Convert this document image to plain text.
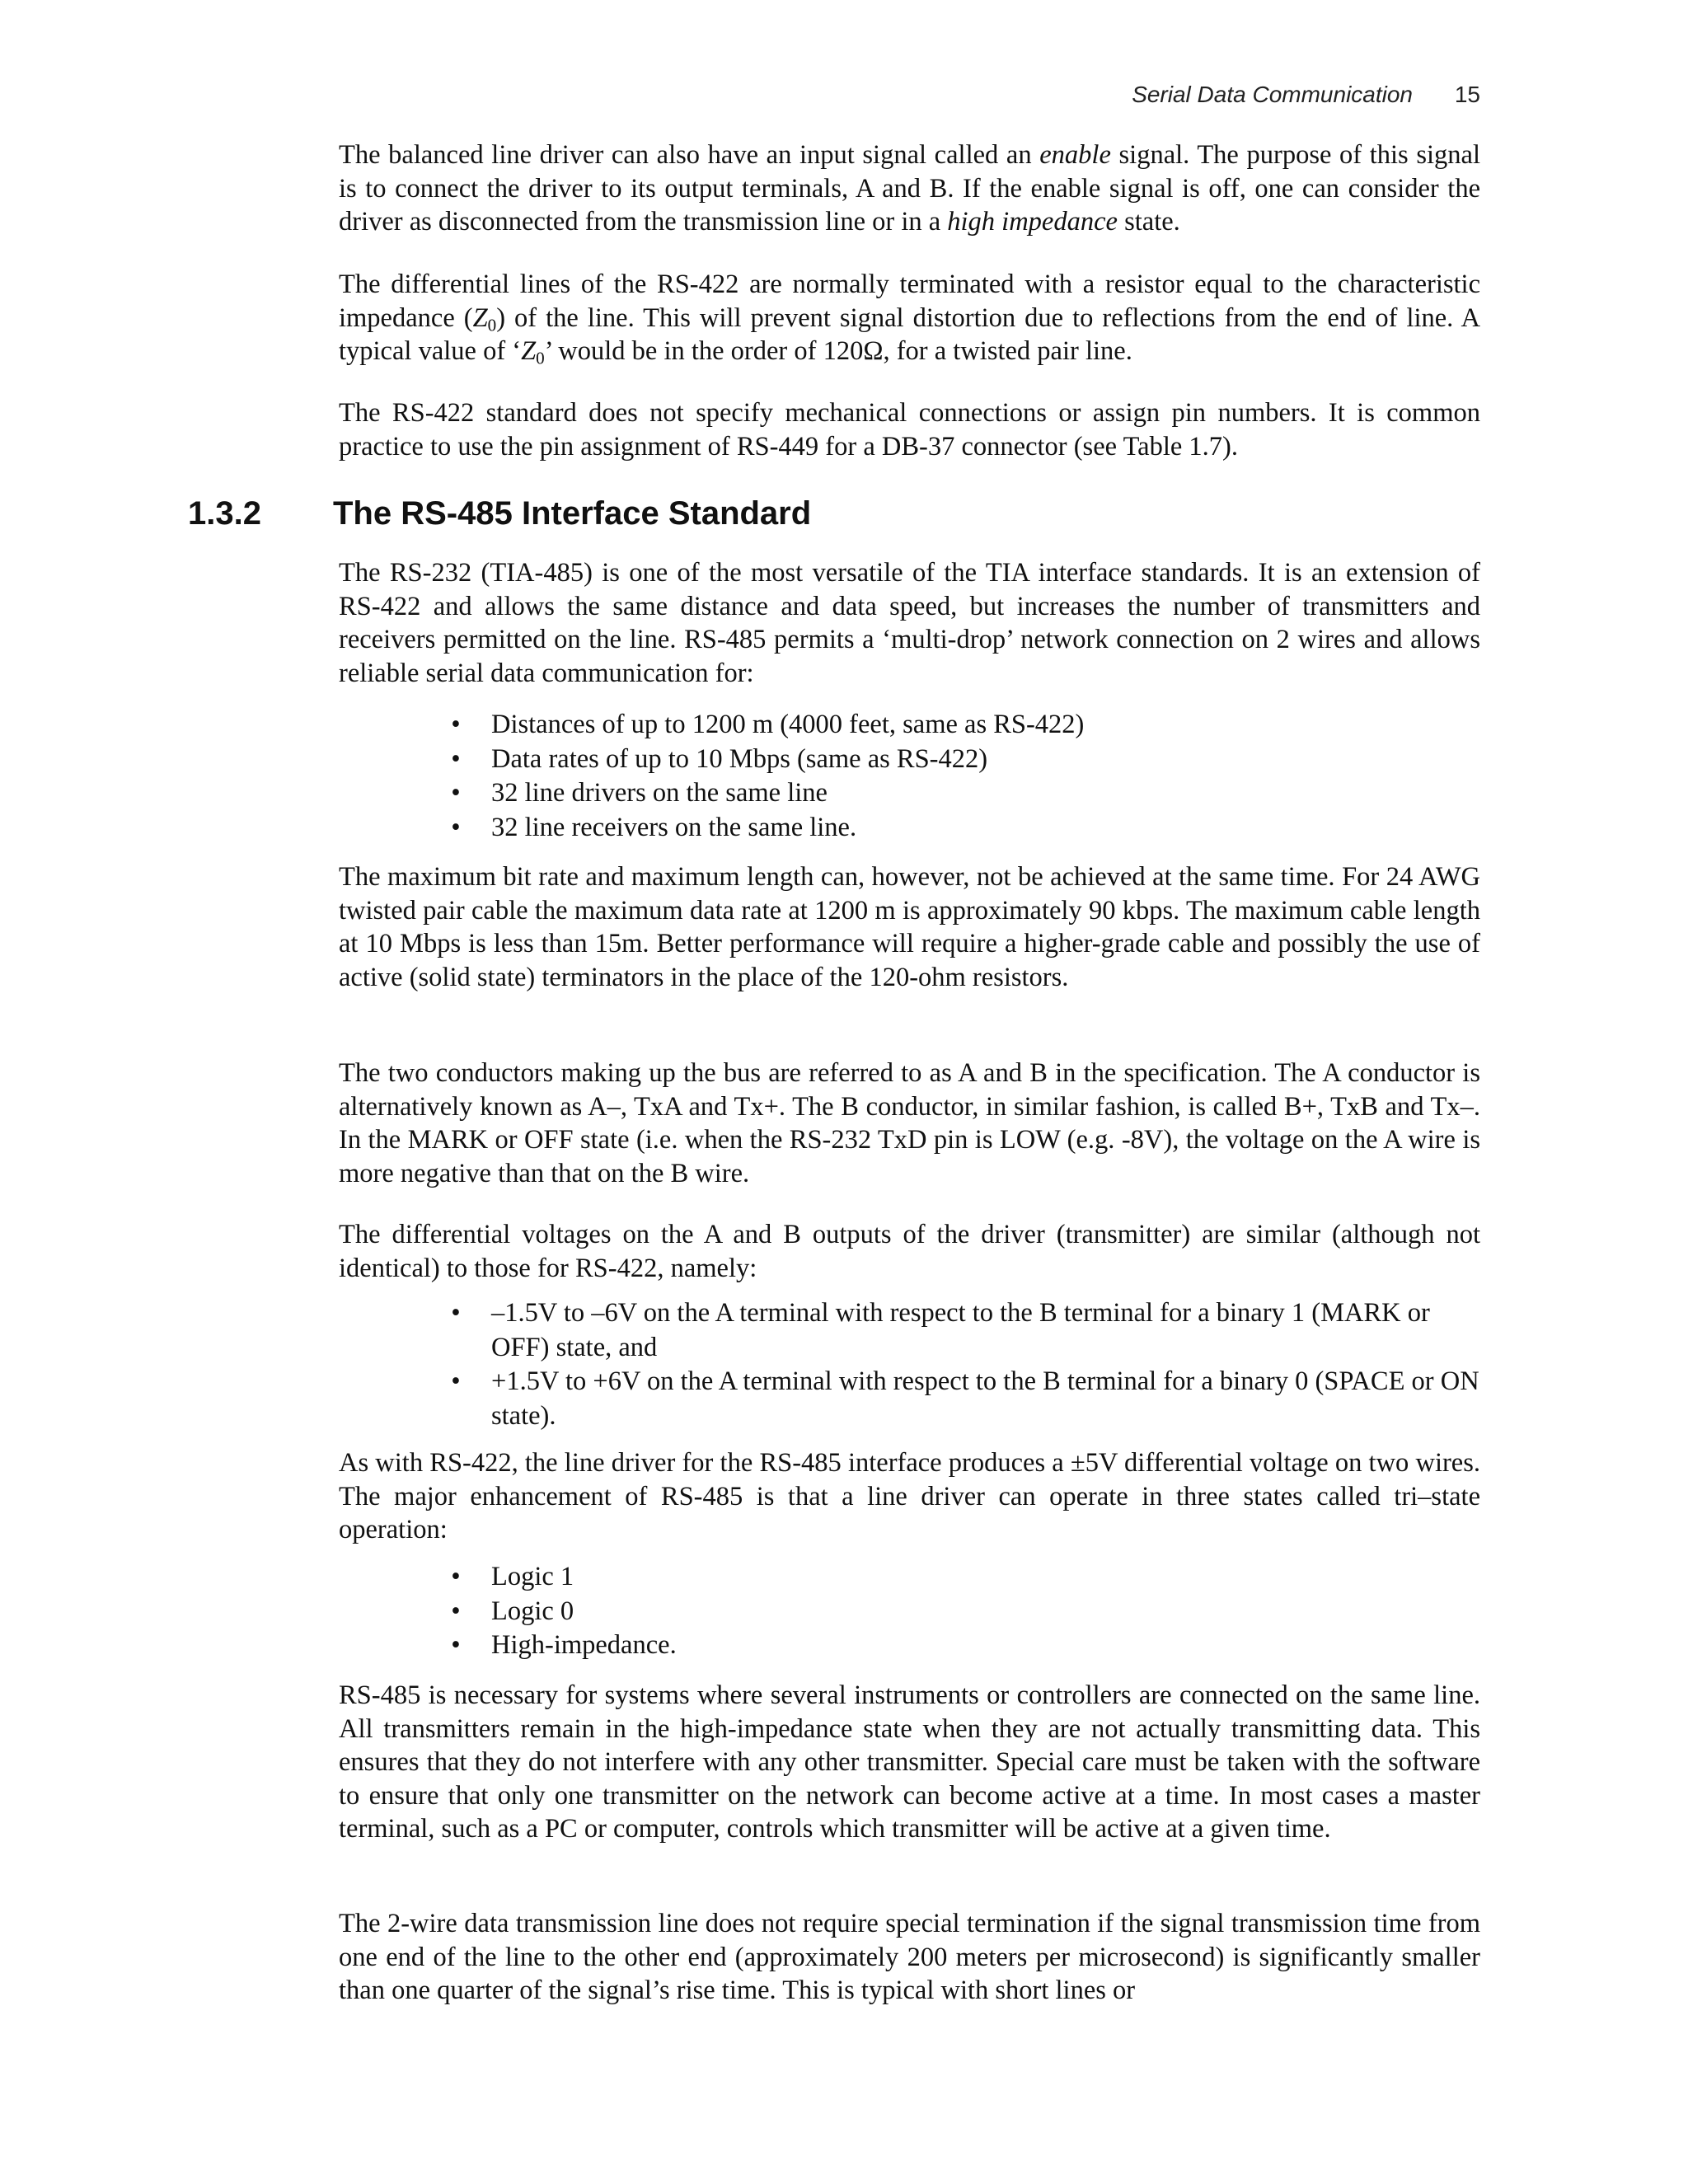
Serial Data Communication 15

The balanced line driver can also have an input signal called an enable signal. The purpose of this signal is to connect the driver to its output terminals, A and B. If the enable signal is off, one can consider the driver as disconnected from the transmission line or in a high impedance state.

The differential lines of the RS-422 are normally terminated with a resistor equal to the characteristic impedance $(Z_0)$ of the line. This will prevent signal distortion due to reflections from the end of line. A typical value of ‘$Z_0$’ would be in the order of 120Ω, for a twisted pair line.

The RS-422 standard does not specify mechanical connections or assign pin numbers. It is common practice to use the pin assignment of RS-449 for a DB-37 connector (see Table 1.7).

1.3.2 The RS-485 Interface Standard

The RS-232 (TIA-485) is one of the most versatile of the TIA interface standards. It is an extension of RS-422 and allows the same distance and data speed, but increases the number of transmitters and receivers permitted on the line. RS-485 permits a ‘multi-drop’ network connection on 2 wires and allows reliable serial data communication for:

• Distances of up to 1200 m (4000 feet, same as RS-422)
• Data rates of up to 10 Mbps (same as RS-422)
• 32 line drivers on the same line
• 32 line receivers on the same line.

The maximum bit rate and maximum length can, however, not be achieved at the same time. For 24 AWG twisted pair cable the maximum data rate at 1200 m is approximately 90 kbps. The maximum cable length at 10 Mbps is less than 15m. Better performance will require a higher-grade cable and possibly the use of active (solid state) terminators in the place of the 120-ohm resistors.

The two conductors making up the bus are referred to as A and B in the specification. The A conductor is alternatively known as A–, TxA and Tx+. The B conductor, in similar fashion, is called B+, TxB and Tx–. In the MARK or OFF state (i.e. when the RS-232 TxD pin is LOW (e.g. -8V), the voltage on the A wire is more negative than that on the B wire.

The differential voltages on the A and B outputs of the driver (transmitter) are similar (although not identical) to those for RS-422, namely:

• –1.5V to –6V on the A terminal with respect to the B terminal for a binary 1 (MARK or OFF) state, and
• +1.5V to +6V on the A terminal with respect to the B terminal for a binary 0 (SPACE or ON state).

As with RS-422, the line driver for the RS-485 interface produces a ±5V differential voltage on two wires. The major enhancement of RS-485 is that a line driver can operate in three states called tri–state operation:

• Logic 1
• Logic 0
• High-impedance.

RS-485 is necessary for systems where several instruments or controllers are connected on the same line. All transmitters remain in the high-impedance state when they are not actually transmitting data. This ensures that they do not interfere with any other transmitter. Special care must be taken with the software to ensure that only one transmitter on the network can become active at a time. In most cases a master terminal, such as a PC or computer, controls which transmitter will be active at a given time.

The 2-wire data transmission line does not require special termination if the signal transmission time from one end of the line to the other end (approximately 200 meters per microsecond) is significantly smaller than one quarter of the signal’s rise time. This is typical with short lines or
